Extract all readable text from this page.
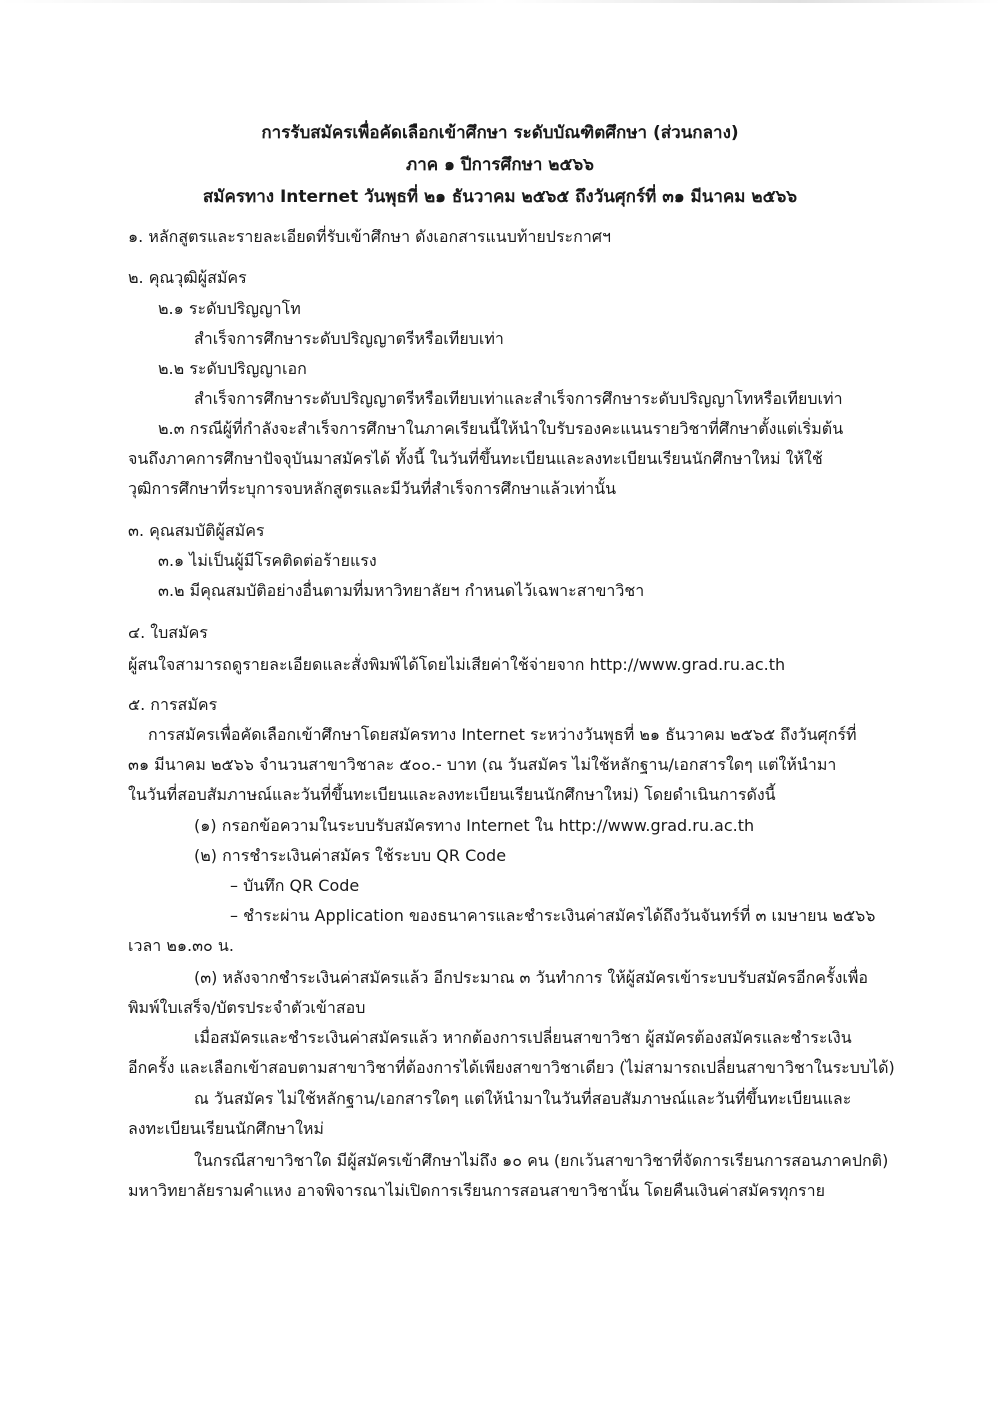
การรับสมัครเพื่อคัดเลือกเข้าศึกษา ระดับบัณฑิตศึกษา (ส่วนกลาง)
ภาค ๑ ปีการศึกษา ๒๕๖๖
สมัครทาง Internet วันพุธที่ ๒๑ ธันวาคม ๒๕๖๕ ถึงวันศุกร์ที่ ๓๑ มีนาคม ๒๕๖๖
๑. หลักสูตรและรายละเอียดที่รับเข้าศึกษา ดังเอกสารแนบท้ายประกาศฯ
๒. คุณวุฒิผู้สมัคร
๒.๑ ระดับปริญญาโท
สำเร็จการศึกษาระดับปริญญาตรีหรือเทียบเท่า
๒.๒ ระดับปริญญาเอก
สำเร็จการศึกษาระดับปริญญาตรีหรือเทียบเท่าและสำเร็จการศึกษาระดับปริญญาโทหรือเทียบเท่า
๒.๓ กรณีผู้ที่กำลังจะสำเร็จการศึกษาในภาคเรียนนี้ให้นำใบรับรองคะแนนรายวิชาที่ศึกษาตั้งแต่เริ่มต้น
จนถึงภาคการศึกษาปัจจุบันมาสมัครได้ ทั้งนี้ ในวันที่ขึ้นทะเบียนและลงทะเบียนเรียนนักศึกษาใหม่ ให้ใช้
วุฒิการศึกษาที่ระบุการจบหลักสูตรและมีวันที่สำเร็จการศึกษาแล้วเท่านั้น
๓. คุณสมบัติผู้สมัคร
๓.๑ ไม่เป็นผู้มีโรคติดต่อร้ายแรง
๓.๒ มีคุณสมบัติอย่างอื่นตามที่มหาวิทยาลัยฯ กำหนดไว้เฉพาะสาขาวิชา
๔. ใบสมัคร
ผู้สนใจสามารถดูรายละเอียดและสั่งพิมพ์ได้โดยไม่เสียค่าใช้จ่ายจาก http://www.grad.ru.ac.th
๕. การสมัคร
การสมัครเพื่อคัดเลือกเข้าศึกษาโดยสมัครทาง Internet ระหว่างวันพุธที่ ๒๑ ธันวาคม ๒๕๖๕ ถึงวันศุกร์ที่
๓๑ มีนาคม ๒๕๖๖ จำนวนสาขาวิชาละ ๕๐๐.- บาท (ณ วันสมัคร ไม่ใช้หลักฐาน/เอกสารใดๆ แต่ให้นำมา
ในวันที่สอบสัมภาษณ์และวันที่ขึ้นทะเบียนและลงทะเบียนเรียนนักศึกษาใหม่) โดยดำเนินการดังนี้
(๑) กรอกข้อความในระบบรับสมัครทาง Internet ใน http://www.grad.ru.ac.th
(๒) การชำระเงินค่าสมัคร ใช้ระบบ QR Code
– บันทึก QR Code
– ชำระผ่าน Application ของธนาคารและชำระเงินค่าสมัครได้ถึงวันจันทร์ที่ ๓ เมษายน ๒๕๖๖
เวลา ๒๑.๓๐ น.
(๓) หลังจากชำระเงินค่าสมัครแล้ว อีกประมาณ ๓ วันทำการ ให้ผู้สมัครเข้าระบบรับสมัครอีกครั้งเพื่อ
พิมพ์ใบเสร็จ/บัตรประจำตัวเข้าสอบ
เมื่อสมัครและชำระเงินค่าสมัครแล้ว หากต้องการเปลี่ยนสาขาวิชา ผู้สมัครต้องสมัครและชำระเงิน
อีกครั้ง และเลือกเข้าสอบตามสาขาวิชาที่ต้องการได้เพียงสาขาวิชาเดียว (ไม่สามารถเปลี่ยนสาขาวิชาในระบบได้)
ณ วันสมัคร ไม่ใช้หลักฐาน/เอกสารใดๆ แต่ให้นำมาในวันที่สอบสัมภาษณ์และวันที่ขึ้นทะเบียนและ
ลงทะเบียนเรียนนักศึกษาใหม่
ในกรณีสาขาวิชาใด มีผู้สมัครเข้าศึกษาไม่ถึง ๑๐ คน (ยกเว้นสาขาวิชาที่จัดการเรียนการสอนภาคปกติ)
มหาวิทยาลัยรามคำแหง อาจพิจารณาไม่เปิดการเรียนการสอนสาขาวิชานั้น โดยคืนเงินค่าสมัครทุกราย
